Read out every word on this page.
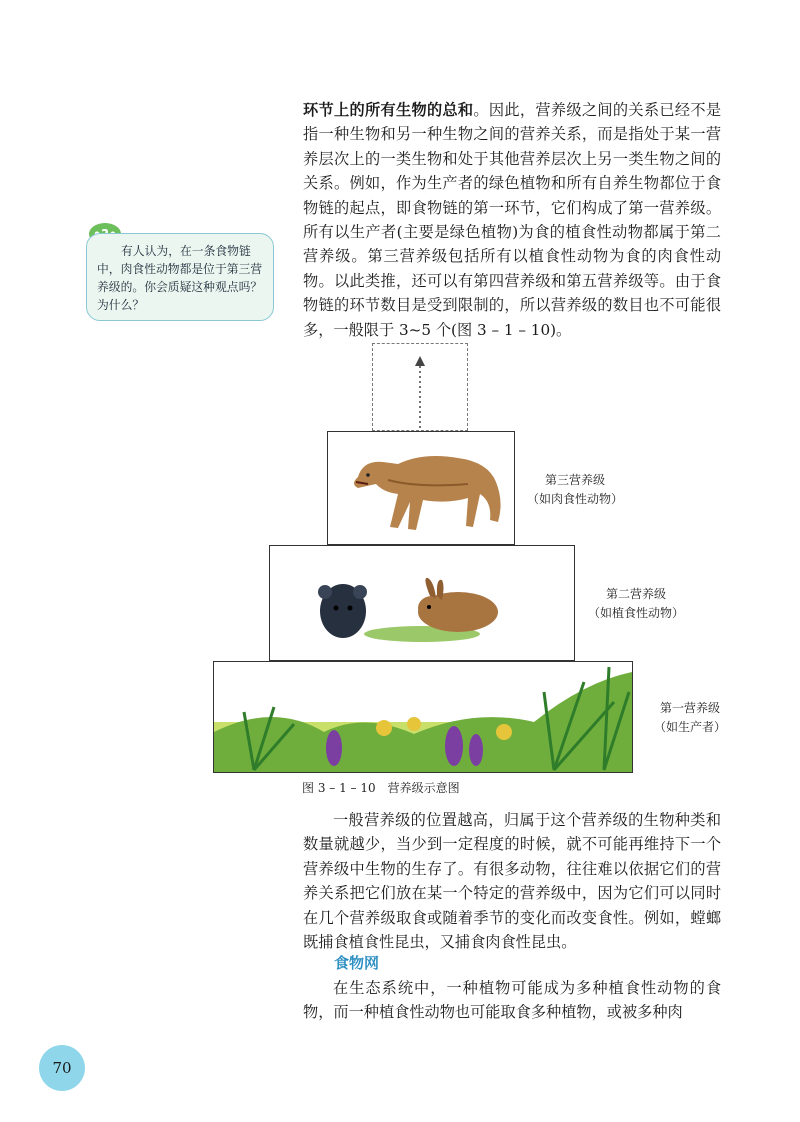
有人认为，在一条食物链中，肉食性动物都是位于第三营养级的。你会质疑这种观点吗？为什么？

环节上的所有生物的总和。因此，营养级之间的关系已经不是指一种生物和另一种生物之间的营养关系，而是指处于某一营养层次上的一类生物和处于其他营养层次上另一类生物之间的关系。例如，作为生产者的绿色植物和所有自养生物都位于食物链的起点，即食物链的第一环节，它们构成了第一营养级。所有以生产者(主要是绿色植物)为食的植食性动物都属于第二营养级。第三营养级包括所有以植食性动物为食的肉食性动物。以此类推，还可以有第四营养级和第五营养级等。由于食物链的环节数目是受到限制的，所以营养级的数目也不可能很多，一般限于 3~5 个(图 3 – 1 – 10)。

第三营养级
（如肉食性动物）
第二营养级
（如植食性动物）
第一营养级
（如生产者）
图 3 – 1 – 10　营养级示意图

一般营养级的位置越高，归属于这个营养级的生物种类和数量就越少，当少到一定程度的时候，就不可能再维持下一个营养级中生物的生存了。有很多动物，往往难以依据它们的营养关系把它们放在某一个特定的营养级中，因为它们可以同时在几个营养级取食或随着季节的变化而改变食性。例如，螳螂既捕食植食性昆虫，又捕食肉食性昆虫。

食物网

在生态系统中，一种植物可能成为多种植食性动物的食物，而一种植食性动物也可能取食多种植物，或被多种肉

70
